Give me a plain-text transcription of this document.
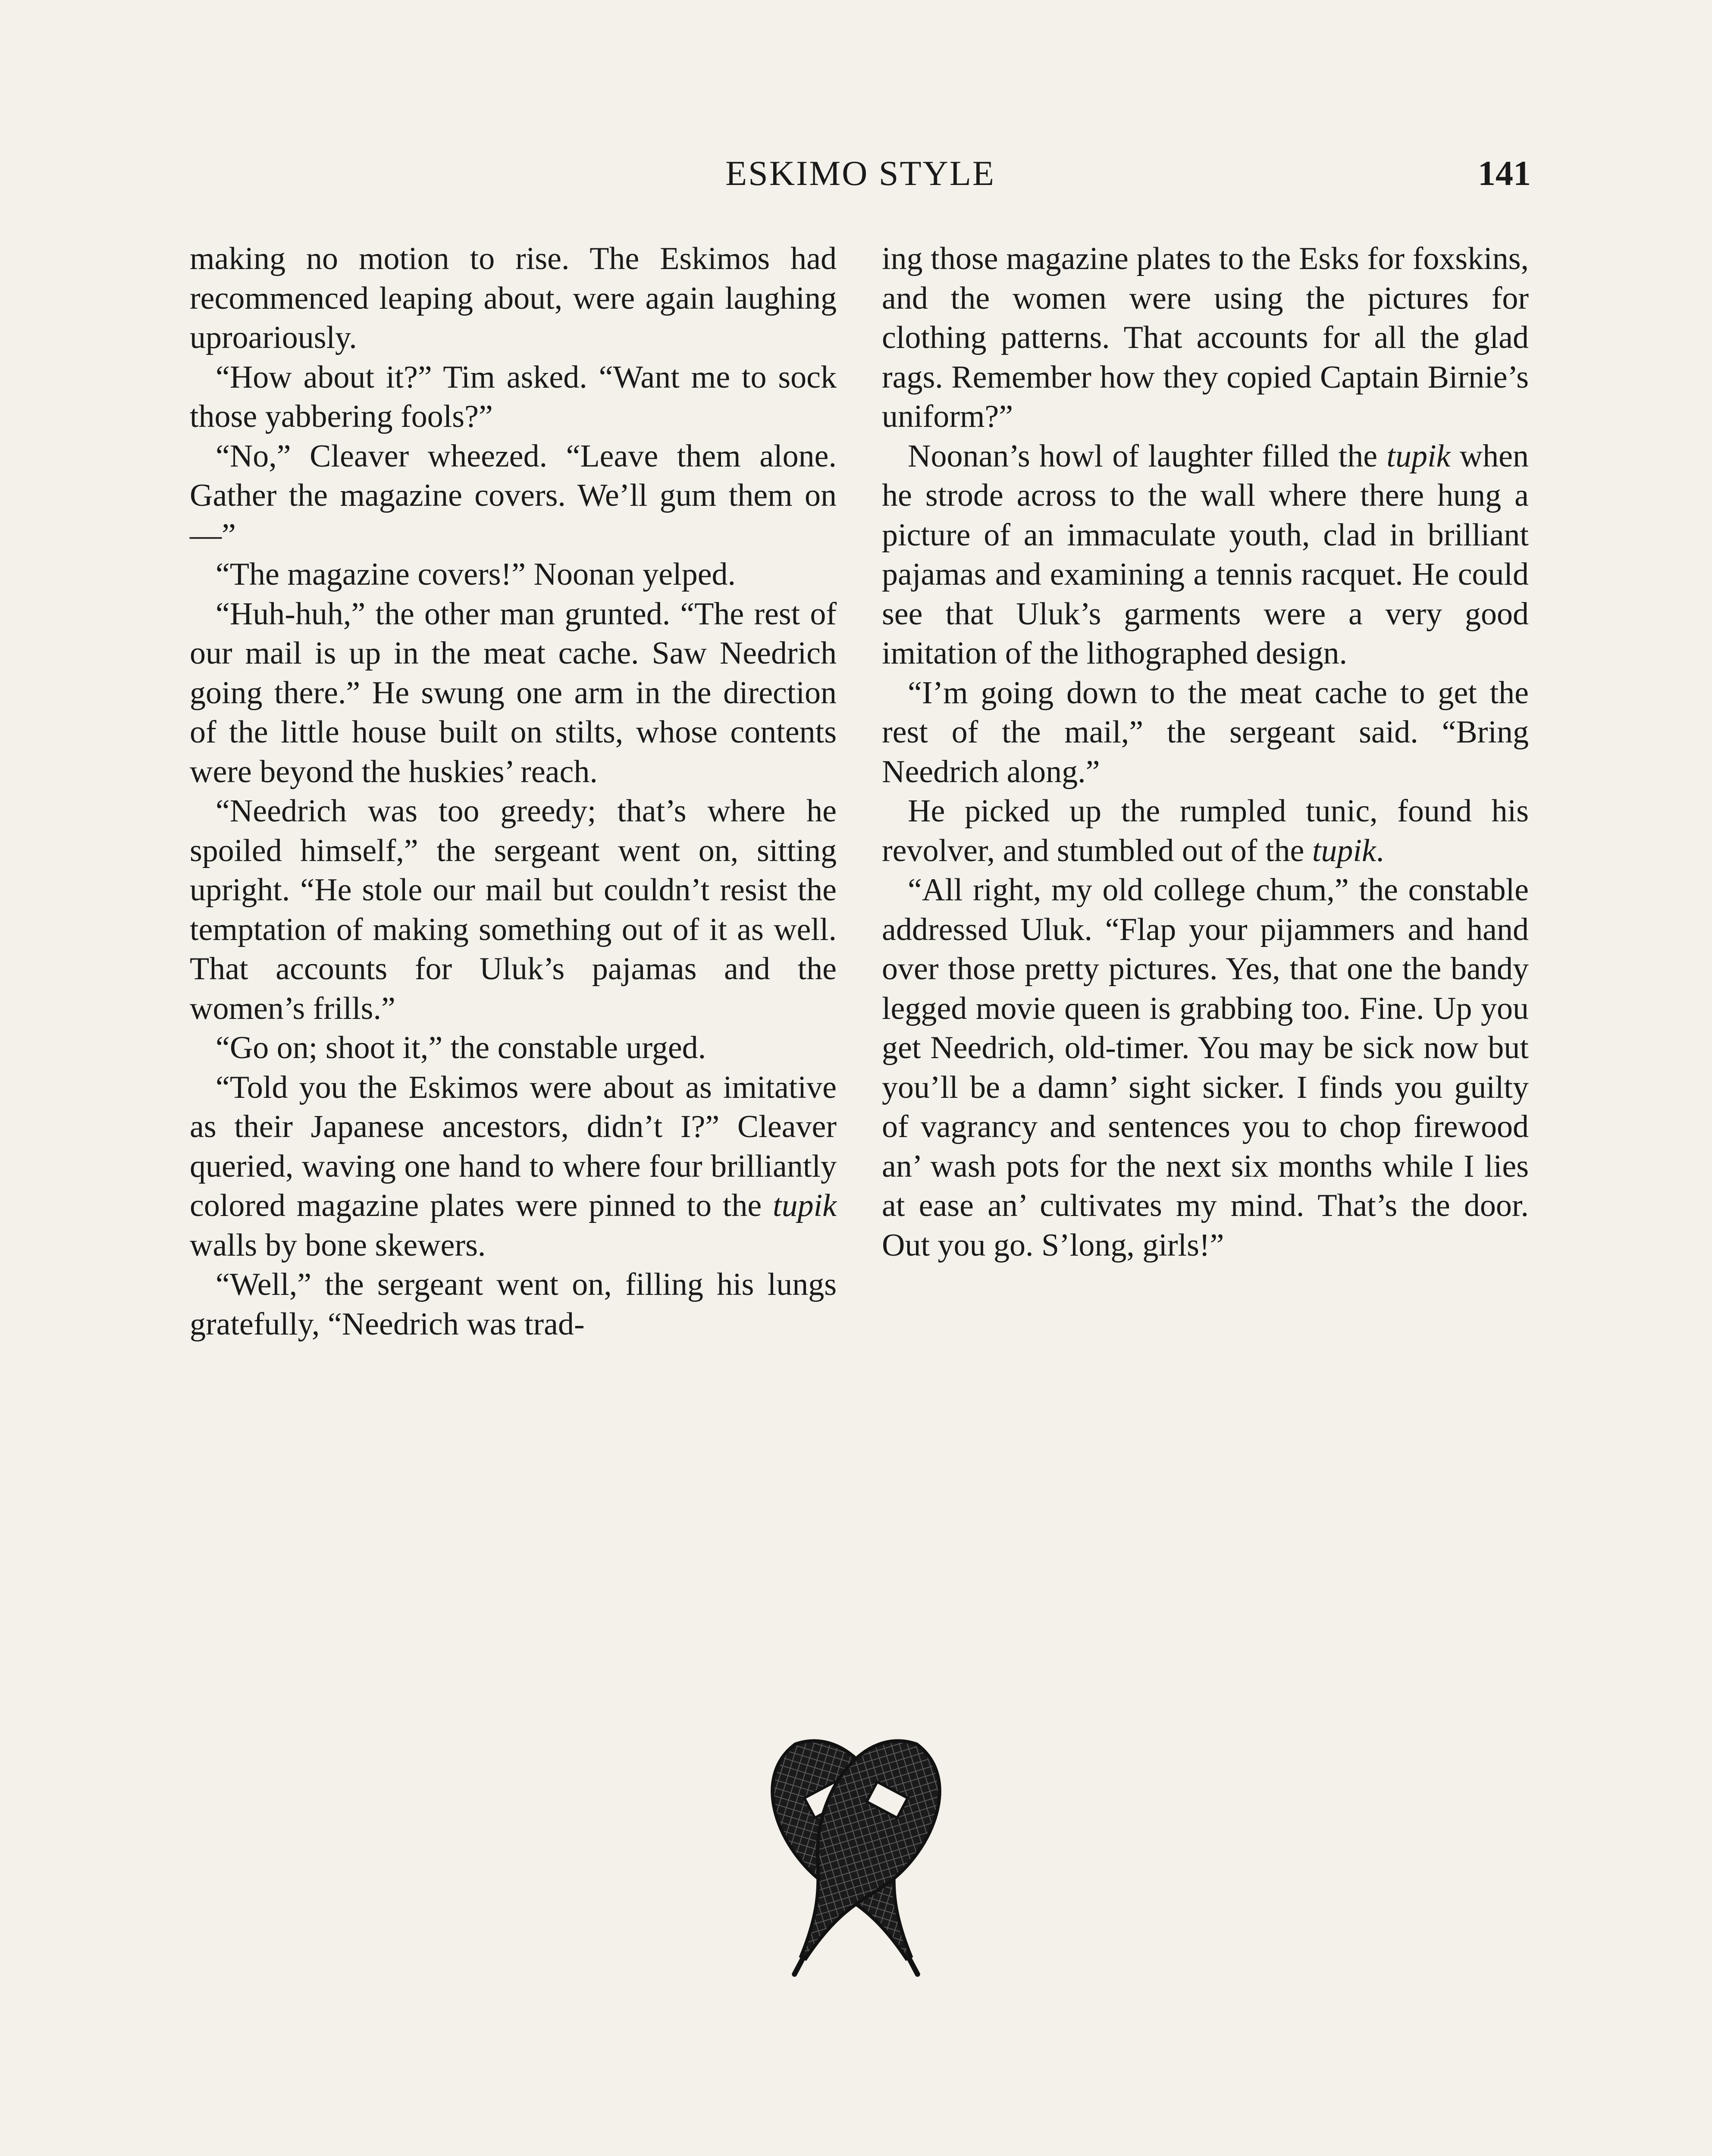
ESKIMO STYLE	141

making no motion to rise. The Eskimos had recommenced leaping about, were again laughing uproariously.

“How about it?” Tim asked. “Want me to sock those yabbering fools?”

“No,” Cleaver wheezed. “Leave them alone. Gather the magazine covers. We’ll gum them on—”

“The magazine covers!” Noonan yelped.

“Huh-huh,” the other man grunted. “The rest of our mail is up in the meat cache. Saw Needrich going there.” He swung one arm in the direction of the little house built on stilts, whose contents were beyond the huskies’ reach.

“Needrich was too greedy; that’s where he spoiled himself,” the sergeant went on, sitting upright. “He stole our mail but couldn’t resist the temptation of making something out of it as well. That accounts for Uluk’s pajamas and the women’s frills.”

“Go on; shoot it,” the constable urged.

“Told you the Eskimos were about as imitative as their Japanese ancestors, didn’t I?” Cleaver queried, waving one hand to where four brilliantly colored magazine plates were pinned to the tupik walls by bone skewers.

“Well,” the sergeant went on, filling his lungs gratefully, “Needrich was trad-

ing those magazine plates to the Esks for foxskins, and the women were using the pictures for clothing patterns. That accounts for all the glad rags. Remember how they copied Captain Birnie’s uniform?”

Noonan’s howl of laughter filled the tupik when he strode across to the wall where there hung a picture of an immaculate youth, clad in brilliant pajamas and examining a tennis racquet. He could see that Uluk’s garments were a very good imitation of the lithographed design.

“I’m going down to the meat cache to get the rest of the mail,” the sergeant said. “Bring Needrich along.”

He picked up the rumpled tunic, found his revolver, and stumbled out of the tupik.

“All right, my old college chum,” the constable addressed Uluk. “Flap your pijammers and hand over those pretty pictures. Yes, that one the bandy legged movie queen is grabbing too. Fine. Up you get Needrich, old-timer. You may be sick now but you’ll be a damn’ sight sicker. I finds you guilty of vagrancy and sentences you to chop firewood an’ wash pots for the next six months while I lies at ease an’ cultivates my mind. That’s the door. Out you go. S’long, girls!”
